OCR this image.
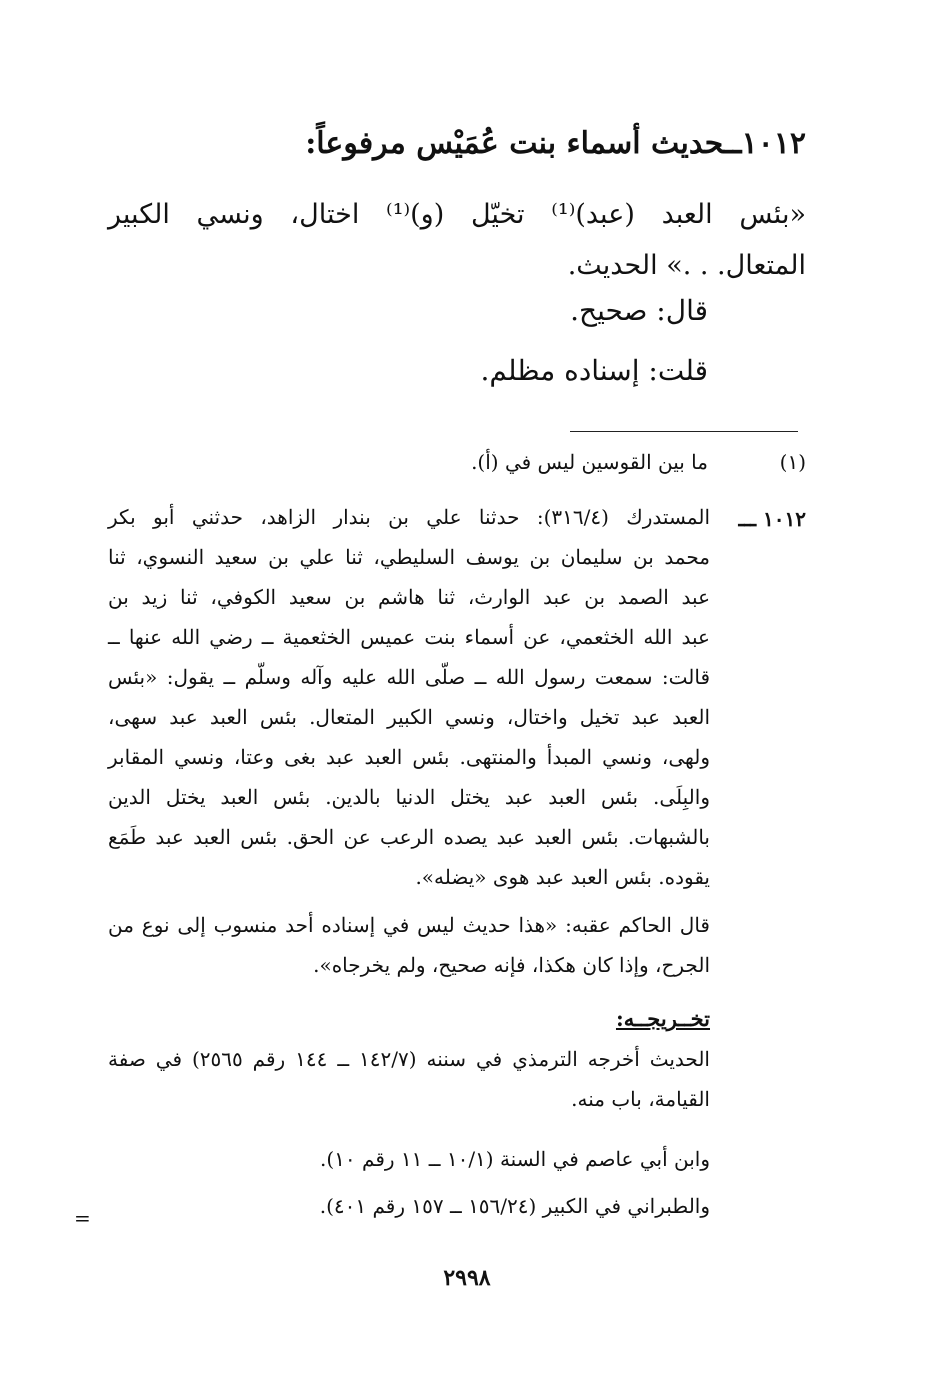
١٠١٢ــحديث أسماء بنت عُمَيْس مرفوعاً:
«بئس العبد (عبد)⁽¹⁾ تخيّل (و)⁽¹⁾ اختال، ونسي الكبير
المتعال. . .» الحديث.
قال: صحيح.
قلت: إسناده مظلم.
(١)
ما بين القوسين ليس في (أ).
١٠١٢ ـــ
المستدرك (٣١٦/٤): حدثنا علي بن بندار الزاهد، حدثني أبو بكر
محمد بن سليمان بن يوسف السليطي، ثنا علي بن سعيد النسوي، ثنا
عبد الصمد بن عبد الوارث، ثنا هاشم بن سعيد الكوفي، ثنا زيد بن
عبد الله الخثعمي، عن أسماء بنت عميس الخثعمية ــ رضي الله عنها ــ
قالت: سمعت رسول الله ــ صلّى الله عليه وآله وسلّم ــ يقول: «بئس
العبد عبد تخيل واختال، ونسي الكبير المتعال. بئس العبد عبد سهى،
ولهى، ونسي المبدأ والمنتهى. بئس العبد عبد بغى وعتا، ونسي المقابر
والبِلَى. بئس العبد عبد يختل الدنيا بالدين. بئس العبد يختل الدين
بالشبهات. بئس العبد عبد يصده الرعب عن الحق. بئس العبد عبد طَمَع
يقوده. بئس العبد عبد هوى «يضله».
قال الحاكم عقبه: «هذا حديث ليس في إسناده أحد منسوب إلى نوع من
الجرح، وإذا كان هكذا، فإنه صحيح، ولم يخرجاه».
تخــريجــه:
الحديث أخرجه الترمذي في سننه (١٤٢/٧ ــ ١٤٤ رقم ٢٥٦٥) في صفة
القيامة، باب منه.
وابن أبي عاصم في السنة (١٠/١ ــ ١١ رقم ١٠).
والطبراني في الكبير (١٥٦/٢٤ ــ ١٥٧ رقم ٤٠١).
=
٢٩٩٨
